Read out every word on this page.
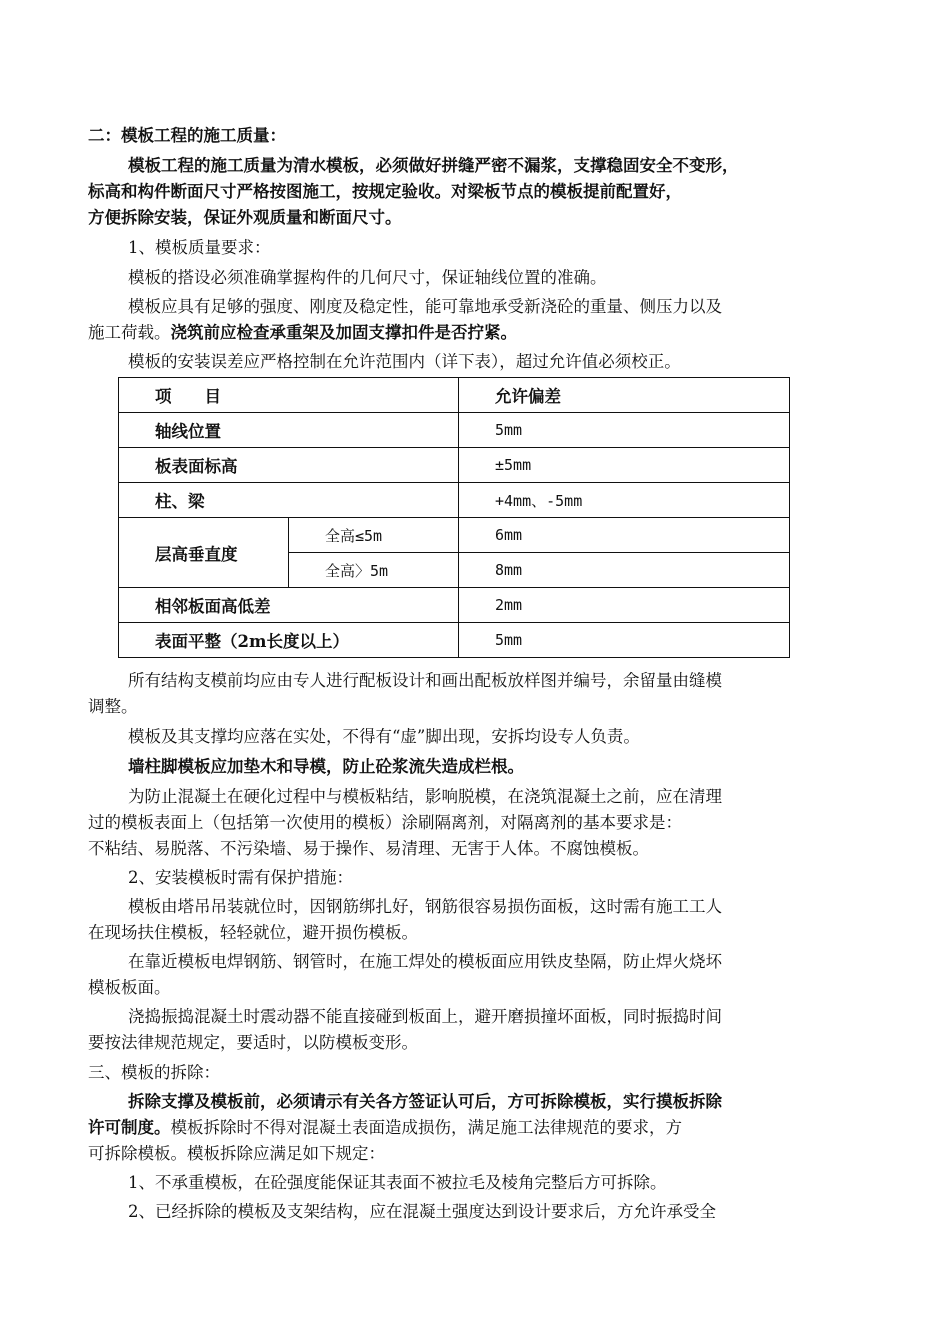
二：模板工程的施工质量：
模板工程的施工质量为清水模板，必须做好拼缝严密不漏浆，支撑稳固安全不变形，
标高和构件断面尺寸严格按图施工，按规定验收。对梁板节点的模板提前配置好，
方便拆除安装，保证外观质量和断面尺寸。
1、模板质量要求：
模板的搭设必须准确掌握构件的几何尺寸，保证轴线位置的准确。
模板应具有足够的强度、刚度及稳定性，能可靠地承受新浇砼的重量、侧压力以及
施工荷载。浇筑前应检查承重架及加固支撑扣件是否拧紧。
模板的安装误差应严格控制在允许范围内（详下表），超过允许值必须校正。
项　　目		允许偏差
轴线位置		5mm
板表面标高		±5mm
柱、梁		+4mm、-5mm
层高垂直度	全高≤5m	6mm
	全高〉5m	8mm
相邻板面高低差		2mm
表面平整（2m长度以上）		5mm
所有结构支模前均应由专人进行配板设计和画出配板放样图并编号，余留量由缝模
调整。
模板及其支撑均应落在实处，不得有“虚”脚出现，安拆均设专人负责。
墙柱脚模板应加垫木和导模，防止砼浆流失造成栏根。
为防止混凝土在硬化过程中与模板粘结，影响脱模，在浇筑混凝土之前，应在清理
过的模板表面上（包括第一次使用的模板）涂刷隔离剂，对隔离剂的基本要求是：
不粘结、易脱落、不污染墙、易于操作、易清理、无害于人体。不腐蚀模板。
2、安装模板时需有保护措施：
模板由塔吊吊装就位时，因钢筋绑扎好，钢筋很容易损伤面板，这时需有施工工人
在现场扶住模板，轻轻就位，避开损伤模板。
在靠近模板电焊钢筋、钢管时，在施工焊处的模板面应用铁皮垫隔，防止焊火烧坏
模板板面。
浇捣振捣混凝土时震动器不能直接碰到板面上，避开磨损撞坏面板，同时振捣时间
要按法律规范规定，要适时，以防模板变形。
三、模板的拆除：
拆除支撑及模板前，必须请示有关各方签证认可后，方可拆除模板，实行摸板拆除
许可制度。模板拆除时不得对混凝土表面造成损伤，满足施工法律规范的要求，方
可拆除模板。模板拆除应满足如下规定：
1、不承重模板，在砼强度能保证其表面不被拉毛及棱角完整后方可拆除。
2、已经拆除的模板及支架结构，应在混凝土强度达到设计要求后，方允许承受全
